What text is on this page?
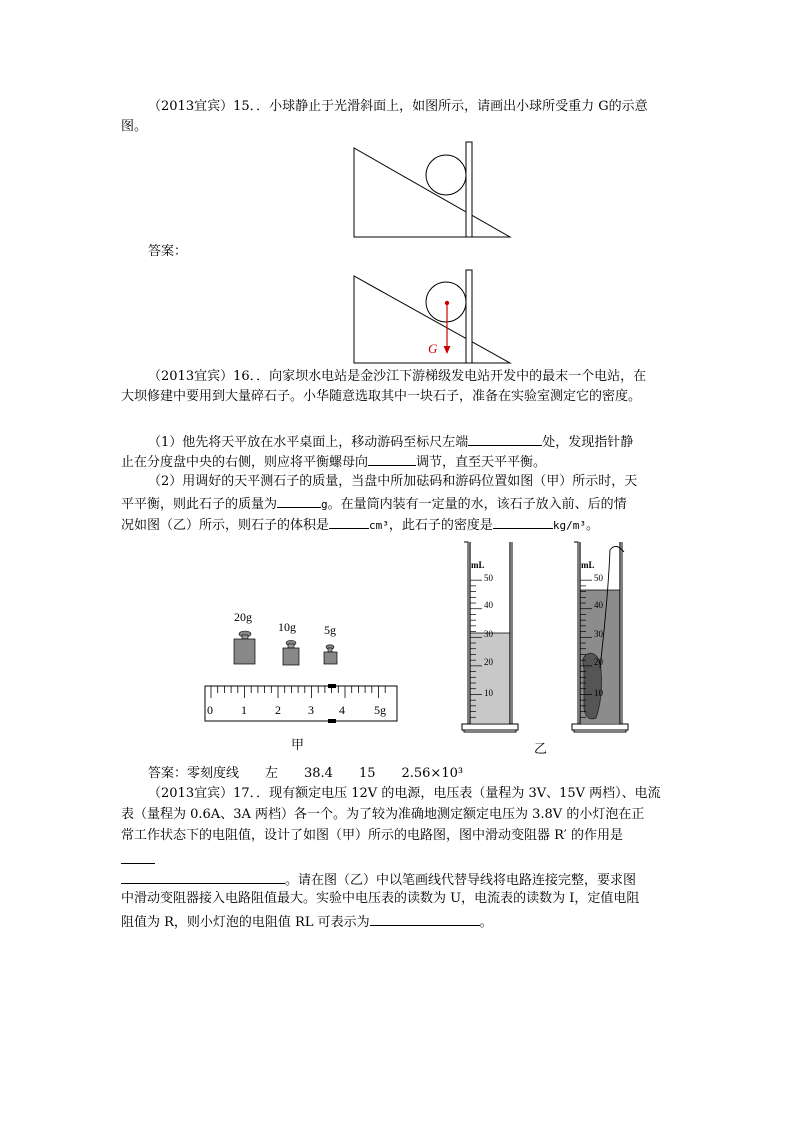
（2013宜宾）15．．小球静止于光滑斜面上，如图所示，请画出小球所受重力 G的示意
图。
答案：
G
（2013宜宾）16．．向家坝水电站是金沙江下游梯级发电站开发中的最末一个电站，在
大坝修建中要用到大量碎石子。小华随意选取其中一块石子，准备在实验室测定它的密度。
（1）他先将天平放在水平桌面上，移动游码至标尺左端	处，发现指针静
止在分度盘中央的右侧，则应将平衡螺母向	调节，直至天平平衡。
（2）用调好的天平测石子的质量，当盘中所加砝码和游码位置如图（甲）所示时，天
平平衡，则此石子的质量为	g。在量筒内装有一定量的水，该石子放入前、后的情
况如图（乙）所示，则石子的体积是	cm³，此石子的密度是	kg/m³。
20g
10g 5g
0 1 2 3 4 5g
甲
mL
50
40
30
20
10
mL
50
40
30
20
10
乙
答案：零刻度线　　左　　38.4　　15　　2.56×10³
（2013宜宾）17．．现有额定电压 12V 的电源，电压表（量程为 3V、15V 两档）、电流
表（量程为 0.6A、3A 两档）各一个。为了较为准确地测定额定电压为 3.8V 的小灯泡在正
常工作状态下的电阻值，设计了如图（甲）所示的电路图，图中滑动变阻器 R′ 的作用是
。请在图（乙）中以笔画线代替导线将电路连接完整，要求图
中滑动变阻器接入电路阻值最大。实验中电压表的读数为 U，电流表的读数为 I，定值电阻
阻值为 R，则小灯泡的电阻值 RL 可表示为	。
